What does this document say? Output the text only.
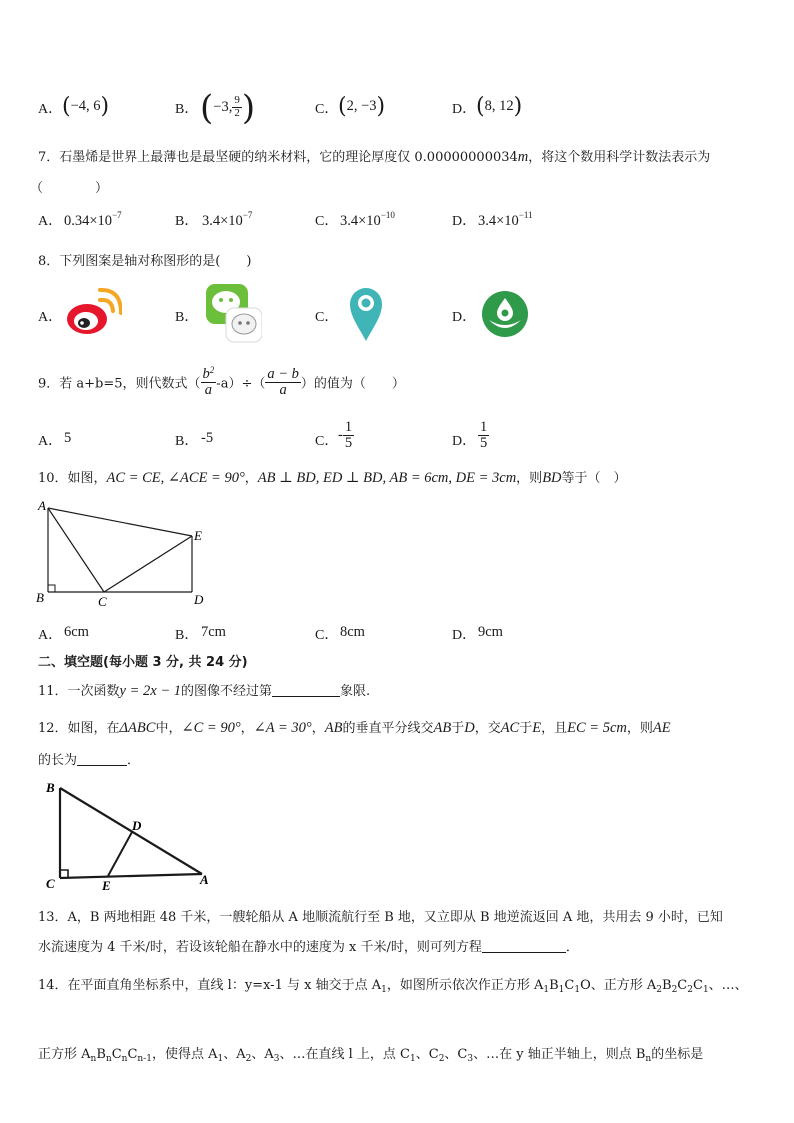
A． (−4, 6)	B． (−3, $\frac{9}{2}$ )	C． (2, −3)	D． (8, 12)
7．石墨烯是世界上最薄也是最坚硬的纳米材料，它的理论厚度仅 0.00000000034m，将这个数用科学计数法表示为
（　　　　）
A． $0.34\times 10^{-7}$	B． $3.4\times 10^{-7}$	C． $3.4\times 10^{-10}$	D． $3.4\times 10^{-11}$
8．下列图案是轴对称图形的是(　　)
A．	B．	C．	D．
9．若 a+b=5，则代数式（ $\frac{b^2}{a} -a)\div( \frac{a - b}{a}$ ）的值为（　　）
A． 5	B． -5	C． - $\frac{1}{5}$	D． $\frac{1}{5}$
10．如图，AC = CE, ∠ACE = 90°，AB ⊥ BD, ED ⊥ BD, AB = 6cm, DE = 3cm，则BD等于（　）
A
B	C	D
E
A． 6cm	B． 7cm	C． 8cm	D． 9cm
二、填空题(每小题 3 分, 共 24 分)
11．一次函数y = 2x − 1的图像不经过第	象限.
12．如图，在ΔABC中，∠C = 90°，∠A = 30°，AB的垂直平分线交AB于D，交AC于E，且EC = 5cm，则AE
的长为	．
B
C	E
D
A
13．A，B 两地相距 48 千米，一艘轮船从 A 地顺流航行至 B 地，又立即从 B 地逆流返回 A 地，共用去 9 小时，已知
水流速度为 4 千米/时，若设该轮船在静水中的速度为 x 千米/时，则可列方程	．
14．在平面直角坐标系中，直线 l：y=x-1 与 x 轴交于点 $A_1$，如图所示依次作正方形 $A_1B_1C_1O$、正方形 $A_2B_2C_2C_1$、…、
正方形 $A_nB_nC_nC_{n-1}$，使得点 $A_1$、$A_2$、$A_3$、…在直线 l 上，点 $C_1$、$C_2$、$C_3$、…在 y 轴正半轴上，则点 $B_n$的坐标是
